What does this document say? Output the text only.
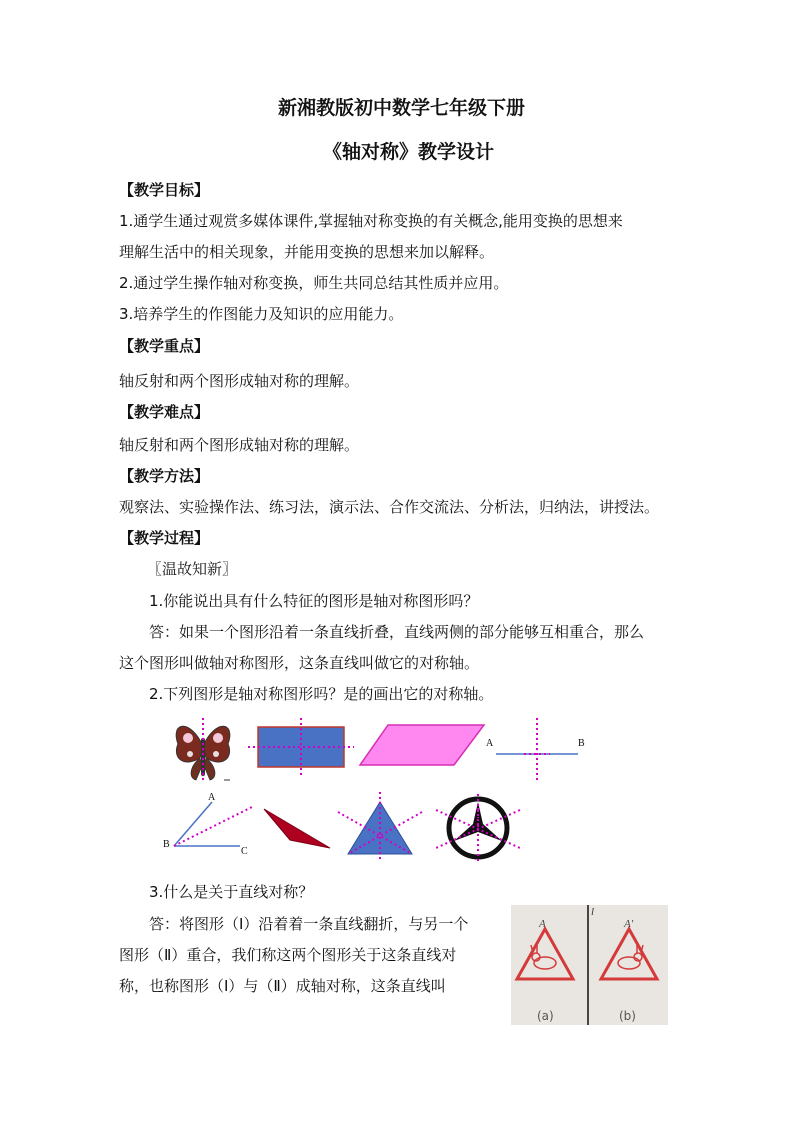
新湘教版初中数学七年级下册
《轴对称》教学设计
【教学目标】
1.通学生通过观赏多媒体课件,掌握轴对称变换的有关概念,能用变换的思想来
理解生活中的相关现象，并能用变换的思想来加以解释。
2.通过学生操作轴对称变换，师生共同总结其性质并应用。
3.培养学生的作图能力及知识的应用能力。
【教学重点】
轴反射和两个图形成轴对称的理解。
【教学难点】
轴反射和两个图形成轴对称的理解。
【教学方法】
观察法、实验操作法、练习法，演示法、合作交流法、分析法，归纳法，讲授法。
【教学过程】
〖温故知新〗
1.你能说出具有什么特征的图形是轴对称图形吗？
答：如果一个图形沿着一条直线折叠，直线两侧的部分能够互相重合，那么
这个图形叫做轴对称图形，这条直线叫做它的对称轴。
2.下列图形是轴对称图形吗？是的画出它的对称轴。
A	B
A
B
C
3.什么是关于直线对称？
答：将图形（Ⅰ）沿着着一条直线翻折，与另一个
图形（Ⅱ）重合，我们称这两个图形关于这条直线对
称，也称图形（Ⅰ）与（Ⅱ）成轴对称，这条直线叫
l
A	A′
(a)	(b)
